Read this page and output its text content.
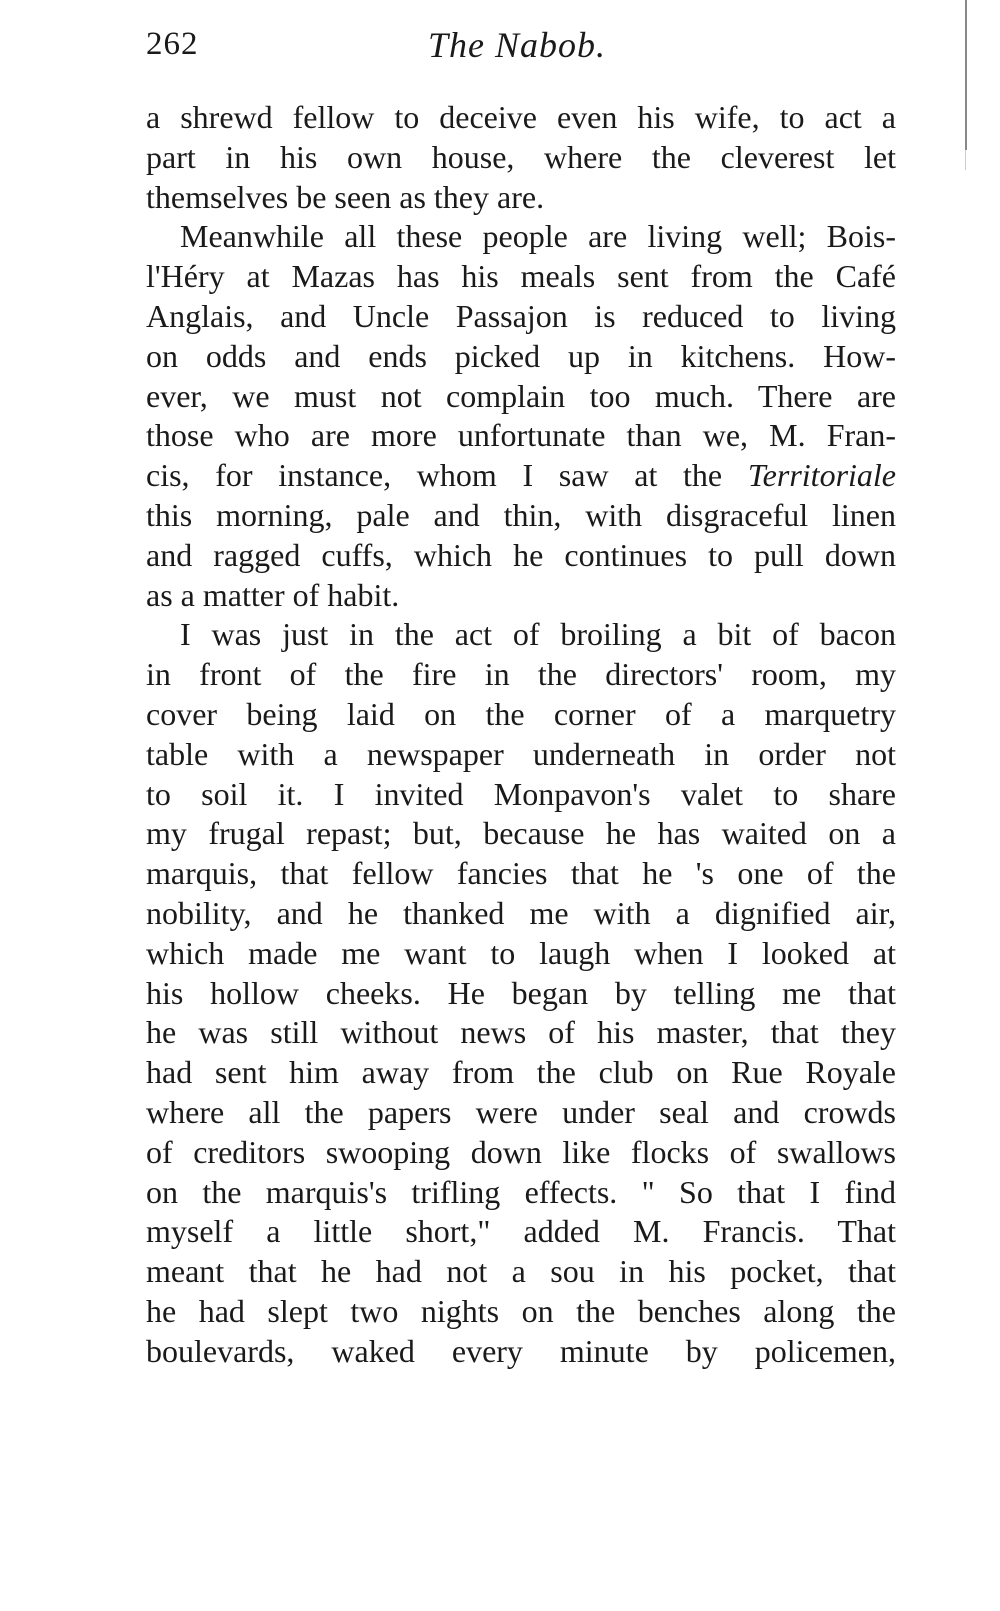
262	The Nabob.
a shrewd fellow to deceive even his wife, to act a
part in his own house, where the cleverest let
themselves be seen as they are.
Meanwhile all these people are living well; Bois-
l'Héry at Mazas has his meals sent from the Café
Anglais, and Uncle Passajon is reduced to living
on odds and ends picked up in kitchens. How-
ever, we must not complain too much. There are
those who are more unfortunate than we, M. Fran-
cis, for instance, whom I saw at the Territoriale
this morning, pale and thin, with disgraceful linen
and ragged cuffs, which he continues to pull down
as a matter of habit.
I was just in the act of broiling a bit of bacon
in front of the fire in the directors' room, my
cover being laid on the corner of a marquetry
table with a newspaper underneath in order not
to soil it. I invited Monpavon's valet to share
my frugal repast; but, because he has waited on a
marquis, that fellow fancies that he 's one of the
nobility, and he thanked me with a dignified air,
which made me want to laugh when I looked at
his hollow cheeks. He began by telling me that
he was still without news of his master, that they
had sent him away from the club on Rue Royale
where all the papers were under seal and crowds
of creditors swooping down like flocks of swallows
on the marquis's trifling effects. " So that I find
myself a little short," added M. Francis. That
meant that he had not a sou in his pocket, that
he had slept two nights on the benches along the
boulevards, waked every minute by policemen,
